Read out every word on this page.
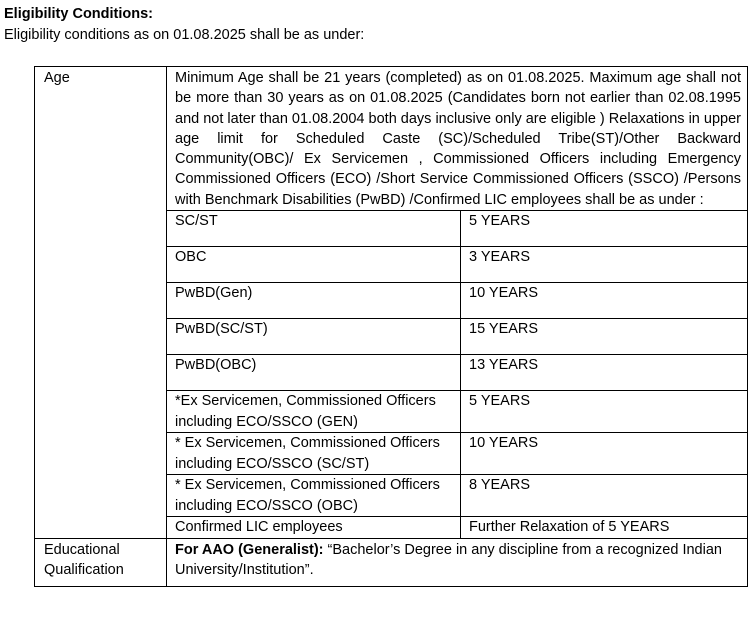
Eligibility Conditions:
Eligibility conditions as on 01.08.2025 shall be as under:
Age	Minimum Age shall be 21 years (completed) as on 01.08.2025. Maximum age shall not be more than 30 years as on 01.08.2025 (Candidates born not earlier than 02.08.1995 and not later than 01.08.2004 both days inclusive only are eligible ) Relaxations in upper age limit for Scheduled Caste (SC)/Scheduled Tribe(ST)/Other Backward Community(OBC)/ Ex Servicemen , Commissioned Officers including Emergency Commissioned Officers (ECO) /Short Service Commissioned Officers (SSCO) /Persons with Benchmark Disabilities (PwBD) /Confirmed LIC employees shall be as under :
SC/ST	5 YEARS
OBC	3 YEARS
PwBD(Gen)	10 YEARS
PwBD(SC/ST)	15 YEARS
PwBD(OBC)	13 YEARS
*Ex Servicemen, Commissioned Officers including ECO/SSCO (GEN)	5 YEARS
* Ex Servicemen, Commissioned Officers including ECO/SSCO (SC/ST)	10 YEARS
* Ex Servicemen, Commissioned Officers including ECO/SSCO (OBC)	8 YEARS
Confirmed LIC employees	Further Relaxation of 5 YEARS

Educational Qualification	For AAO (Generalist): “Bachelor’s Degree in any discipline from a recognized Indian University/Institution”.
